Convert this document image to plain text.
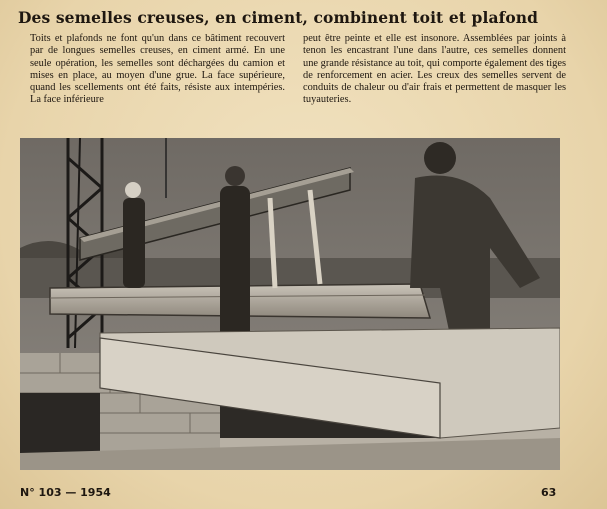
Des semelles creuses, en ciment, combinent toit et plafond
Toits et plafonds ne font qu'un dans ce bâtiment recouvert par de longues semelles creuses, en ciment armé. En une seule opération, les semelles sont déchargées du camion et mises en place, au moyen d'une grue. La face supérieure, quand les scellements ont été faits, résiste aux intempéries. La face inférieure
peut être peinte et elle est insonore. Assemblées par joints à tenon les encastrant l'une dans l'autre, ces semelles donnent une grande résistance au toit, qui comporte également des tiges de renforcement en acier. Les creux des semelles servent de conduits de chaleur ou d'air frais et permettent de masquer les tuyauteries.
N° 103 — 1954	63
